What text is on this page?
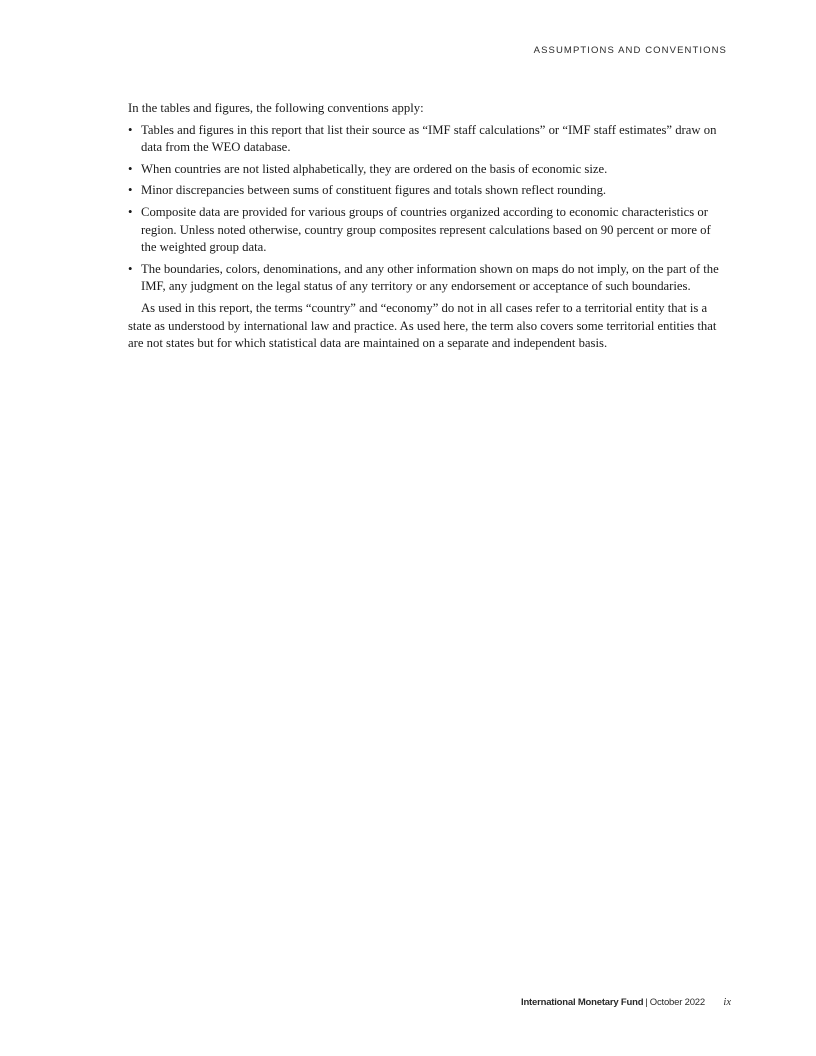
ASSUMPTIONS AND CONVENTIONS

In the tables and figures, the following conventions apply:

• Tables and figures in this report that list their source as “IMF staff calculations” or “IMF staff estimates” draw on data from the WEO database.
• When countries are not listed alphabetically, they are ordered on the basis of economic size.
• Minor discrepancies between sums of constituent figures and totals shown reflect rounding.
• Composite data are provided for various groups of countries organized according to economic characteristics or region. Unless noted otherwise, country group composites represent calculations based on 90 percent or more of the weighted group data.
• The boundaries, colors, denominations, and any other information shown on maps do not imply, on the part of the IMF, any judgment on the legal status of any territory or any endorsement or acceptance of such boundaries.

As used in this report, the terms “country” and “economy” do not in all cases refer to a territorial entity that is a state as understood by international law and practice. As used here, the term also covers some territorial entities that are not states but for which statistical data are maintained on a separate and independent basis.

International Monetary Fund | October 2022 ix
